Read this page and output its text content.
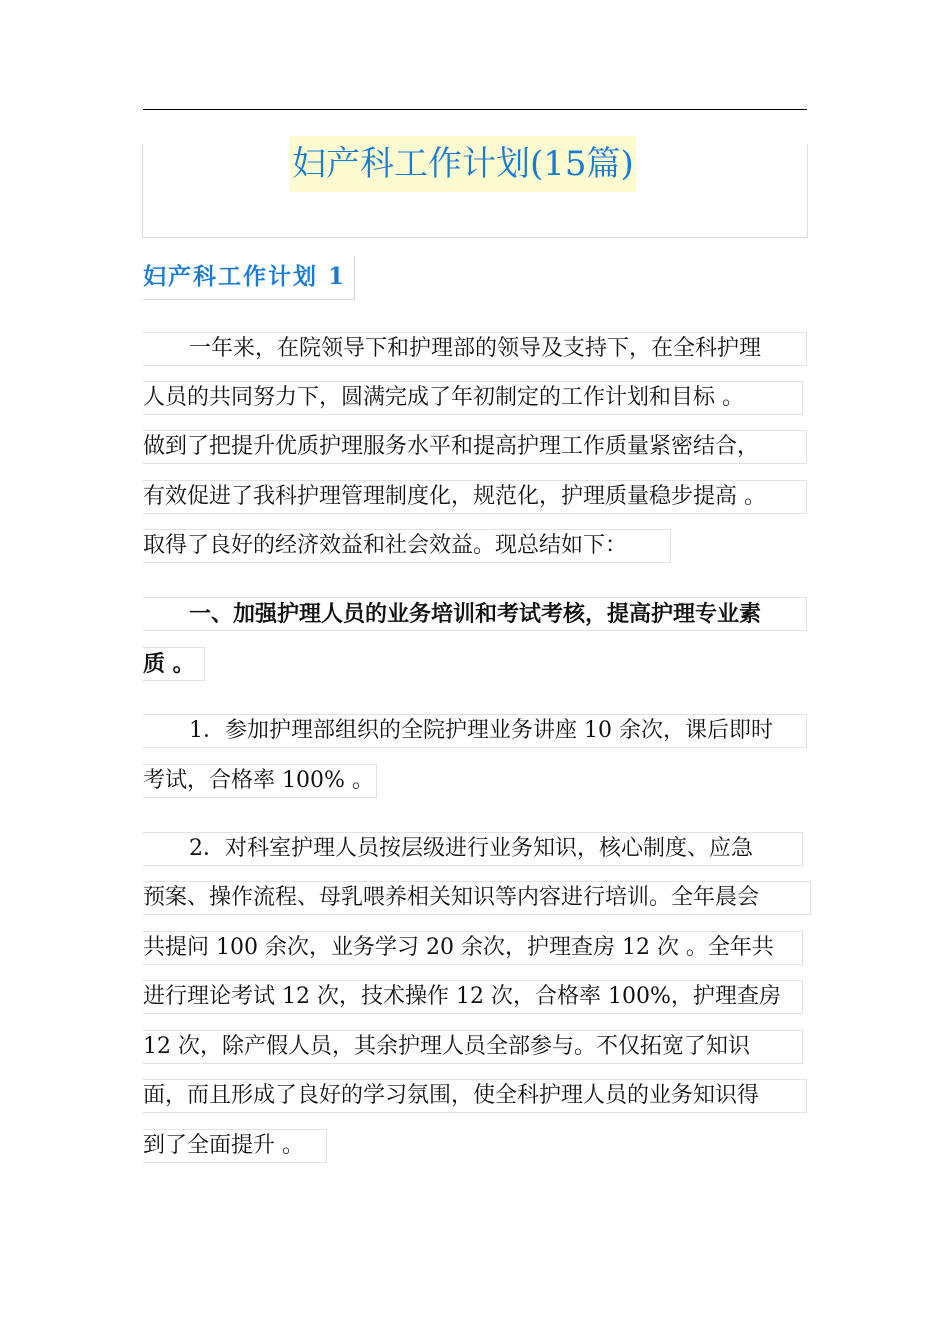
妇产科工作计划(15篇)
妇产科工作计划 1
一年来，在院领导下和护理部的领导及支持下，在全科护理
人员的共同努力下，圆满完成了年初制定的工作计划和目标 。
做到了把提升优质护理服务水平和提高护理工作质量紧密结合，
有效促进了我科护理管理制度化，规范化，护理质量稳步提高 。
取得了良好的经济效益和社会效益。现总结如下：
一、加强护理人员的业务培训和考试考核，提高护理专业素
质 。
1．参加护理部组织的全院护理业务讲座 10 余次，课后即时
考试，合格率 100% 。
2．对科室护理人员按层级进行业务知识，核心制度、应急
预案、操作流程、母乳喂养相关知识等内容进行培训。全年晨会
共提问 100 余次，业务学习 20 余次，护理查房 12 次 。全年共
进行理论考试 12 次，技术操作 12 次，合格率 100%，护理查房
12 次，除产假人员，其余护理人员全部参与。不仅拓宽了知识
面，而且形成了良好的学习氛围，使全科护理人员的业务知识得
到了全面提升 。
